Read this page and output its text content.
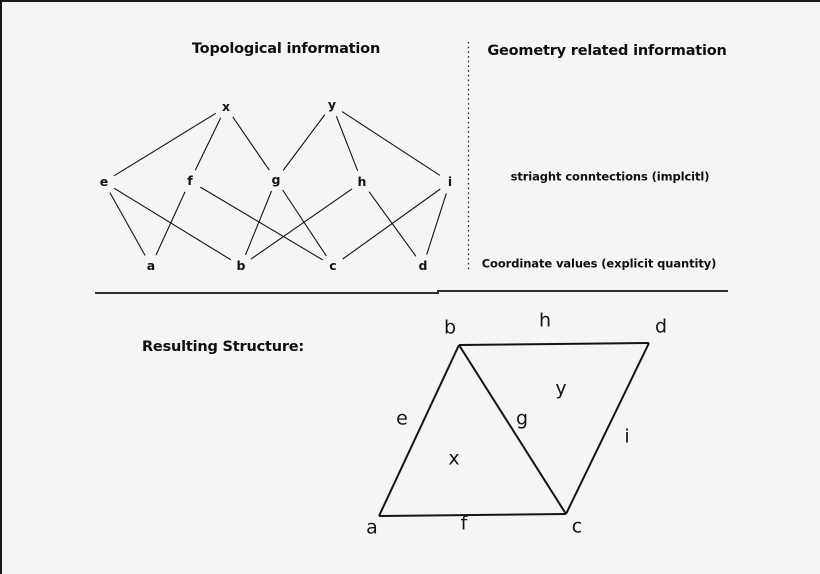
Topological information	Geometry related information
striaght conntections (implcitl)
Coordinate values (explicit quantity)
Resulting Structure:
x	y
e	f	g	h	i
a	b	c	d
a
b
c
d
e
f
g
h
i
x
y
